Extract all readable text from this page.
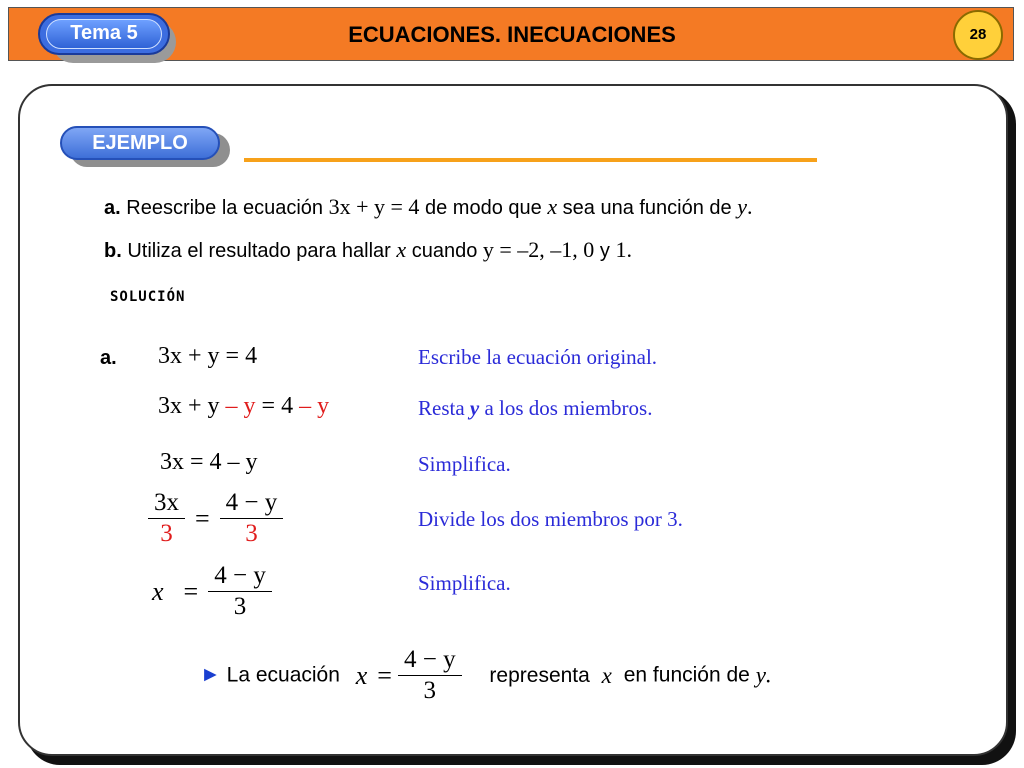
Tema 5	ECUACIONES. INECUACIONES	28
EJEMPLO
a. Reescribe la ecuación 3x + y = 4 de modo que x sea una función de y.
b. Utiliza el resultado para hallar x cuando y = –2, –1, 0 y 1.
SOLUCIÓN
a. 3x + y = 4	Escribe la ecuación original.
3x + y – y = 4 – y	Resta y a los dos miembros.
3x = 4 – y	Simplifica.
$\frac{3x}{3} = \frac{4 - y}{3}$	Divide los dos miembros por 3.
$x = \frac{4 - y}{3}$	Simplifica.
► La ecuación $x = \frac{4 - y}{3}$ representa x en función de y.
